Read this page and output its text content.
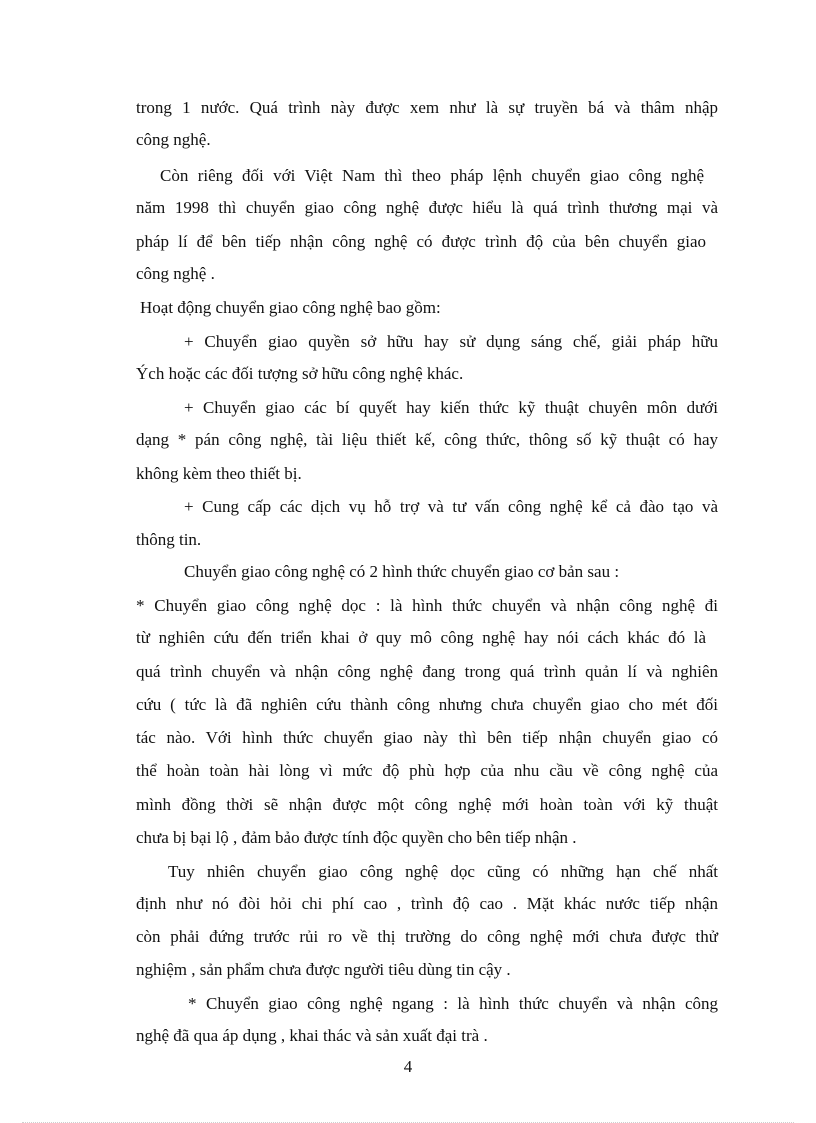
trong 1 nước. Quá trình này được xem như là sự truyền bá và thâm nhập
công nghệ.
Còn riêng đối với Việt Nam thì theo pháp lệnh chuyển giao công nghệ
năm 1998 thì chuyển giao công nghệ được hiểu là quá trình thương mại và
pháp lí để bên tiếp nhận công nghệ có được trình độ của bên chuyển giao
công nghệ .
Hoạt động chuyển giao công nghệ bao gồm:
+ Chuyển giao quyền sở hữu hay sử dụng sáng chế, giải pháp hữu
Ých hoặc các đối tượng sở hữu công nghệ khác.
+ Chuyển giao các bí quyết hay kiến thức kỹ thuật chuyên môn dưới
dạng * pán công nghệ, tài liệu thiết kế, công thức, thông số kỹ thuật có hay
không kèm theo thiết bị.
+ Cung cấp các dịch vụ hỗ trợ và tư vấn công nghệ kể cả đào tạo và
thông tin.
Chuyển giao công nghệ có 2 hình thức chuyển giao cơ bản sau :
* Chuyển giao công nghệ dọc : là hình thức chuyển và nhận công nghệ đi
từ nghiên cứu đến triển khai ở quy mô công nghệ hay nói cách khác đó là
quá trình chuyển và nhận công nghệ đang trong quá trình quản lí và nghiên
cứu ( tức là đã nghiên cứu thành công nhưng chưa chuyển giao cho mét đối
tác nào. Với hình thức chuyển giao này thì bên tiếp nhận chuyển giao có
thể hoàn toàn hài lòng vì mức độ phù hợp của nhu cầu về công nghệ của
mình đồng thời sẽ nhận được một công nghệ mới hoàn toàn với kỹ thuật
chưa bị bại lộ , đảm bảo được tính độc quyền cho bên tiếp nhận .
Tuy nhiên chuyển giao công nghệ dọc cũng có những hạn chế nhất
định như nó đòi hỏi chi phí cao , trình độ cao . Mặt khác nước tiếp nhận
còn phải đứng trước rủi ro về thị trường do công nghệ mới chưa được thử
nghiệm , sản phẩm chưa được người tiêu dùng tin cậy .
* Chuyển giao công nghệ ngang : là hình thức chuyển và nhận công
nghệ đã qua áp dụng , khai thác và sản xuất đại trà .
4
